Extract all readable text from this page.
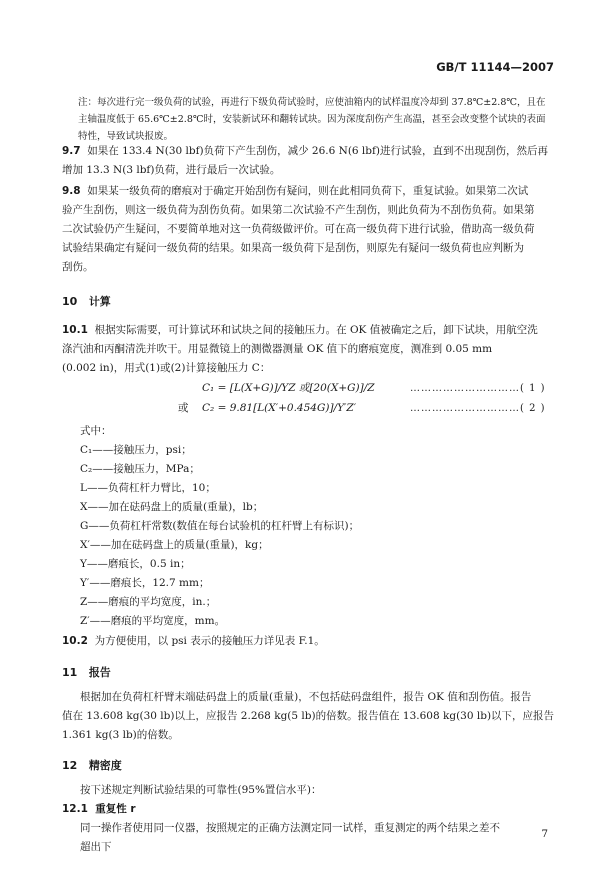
GB/T 11144—2007
注：每次进行完一级负荷的试验，再进行下级负荷试验时，应使油箱内的试样温度冷却到 37.8℃±2.8℃，且在主轴温度低于 65.6℃±2.8℃时，安装新试环和翻转试块。因为深度刮伤产生高温，甚至会改变整个试块的表面特性，导致试块报废。
9.7 如果在 133.4 N(30 lbf)负荷下产生刮伤，减少 26.6 N(6 lbf)进行试验，直到不出现刮伤，然后再
增加 13.3 N(3 lbf)负荷，进行最后一次试验。
9.8 如果某一级负荷的磨痕对于确定开始刮伤有疑问，则在此相同负荷下，重复试验。如果第二次试
验产生刮伤，则这一级负荷为刮伤负荷。如果第二次试验不产生刮伤，则此负荷为不刮伤负荷。如果第
二次试验仍产生疑问，不要简单地对这一负荷级做评价。可在高一级负荷下进行试验，借助高一级负荷
试验结果确定有疑问一级负荷的结果。如果高一级负荷下是刮伤，则原先有疑问一级负荷也应判断为
刮伤。
10 计算
10.1 根据实际需要，可计算试环和试块之间的接触压力。在 OK 值被确定之后，卸下试块，用航空洗
涤汽油和丙酮清洗并吹干。用显微镜上的测微器测量 OK 值下的磨痕宽度，测准到 0.05 mm
(0.002 in)，用式(1)或(2)计算接触压力 C：
C₁ = [L(X+G)]/YZ 或[20(X+G)]/Z	…………………………( 1 )
或 C₂ = 9.81[L(X′+0.454G)]/Y′Z′	…………………………( 2 )
式中：
C₁——接触压力，psi；
C₂——接触压力，MPa；
L——负荷杠杆力臂比，10；
X——加在砝码盘上的质量(重量)，lb；
G——负荷杠杆常数(数值在每台试验机的杠杆臂上有标识)；
X′——加在砝码盘上的质量(重量)，kg；
Y——磨痕长，0.5 in；
Y′——磨痕长，12.7 mm；
Z——磨痕的平均宽度，in.；
Z′——磨痕的平均宽度，mm。
10.2 为方便使用，以 psi 表示的接触压力详见表 F.1。
11 报告
根据加在负荷杠杆臂末端砝码盘上的质量(重量)，不包括砝码盘组件，报告 OK 值和刮伤值。报告
值在 13.608 kg(30 lb)以上，应报告 2.268 kg(5 lb)的倍数。报告值在 13.608 kg(30 lb)以下，应报告
1.361 kg(3 lb)的倍数。
12 精密度
按下述规定判断试验结果的可靠性(95%置信水平)：
12.1 重复性 r
同一操作者使用同一仪器，按照规定的正确方法测定同一试样，重复测定的两个结果之差不超出下
7
